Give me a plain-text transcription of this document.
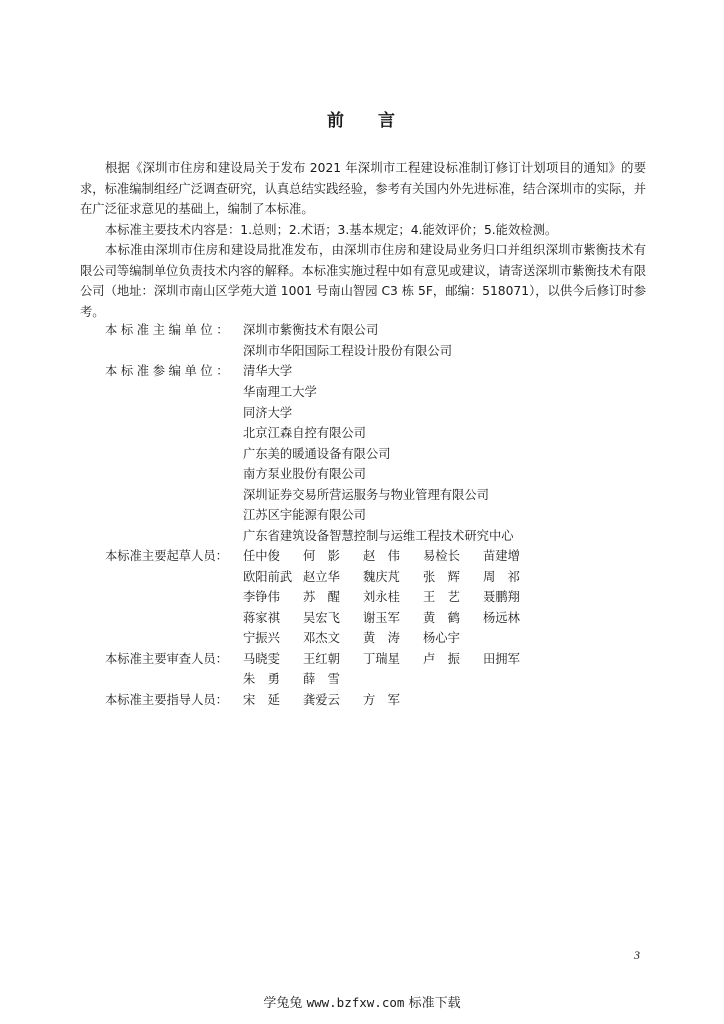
前 言
根据《深圳市住房和建设局关于发布 2021 年深圳市工程建设标准制订修订计划项目的通知》的要求，标准编制组经广泛调查研究，认真总结实践经验，参考有关国内外先进标准，结合深圳市的实际，并在广泛征求意见的基础上，编制了本标准。
本标准主要技术内容是：1.总则；2.术语；3.基本规定；4.能效评价；5.能效检测。
本标准由深圳市住房和建设局批准发布，由深圳市住房和建设局业务归口并组织深圳市紫衡技术有限公司等编制单位负责技术内容的解释。本标准实施过程中如有意见或建议，请寄送深圳市紫衡技术有限公司（地址：深圳市南山区学苑大道 1001 号南山智园 C3 栋 5F，邮编：518071），以供今后修订时参考。
本标准主编单位： 深圳市紫衡技术有限公司
深圳市华阳国际工程设计股份有限公司
本标准参编单位： 清华大学
华南理工大学
同济大学
北京江森自控有限公司
广东美的暖通设备有限公司
南方泵业股份有限公司
深圳证券交易所营运服务与物业管理有限公司
江苏区宇能源有限公司
广东省建筑设备智慧控制与运维工程技术研究中心
本标准主要起草人员： 任中俊 何　影 赵　伟 易检长 苗建增
欧阳前武 赵立华 魏庆芃 张　辉 周　祁
李铮伟 苏　醒 刘永桂 王　艺 聂鹏翔
蒋家祺 吴宏飞 谢玉军 黄　鹤 杨远林
宁振兴 邓杰文 黄　涛 杨心宇
本标准主要审查人员： 马晓雯 王红朝 丁瑞星 卢　振 田拥军
朱　勇 薛　雪
本标准主要指导人员： 宋　延 龚爱云 方　军
3
学兔兔 www.bzfxw.com 标准下载
